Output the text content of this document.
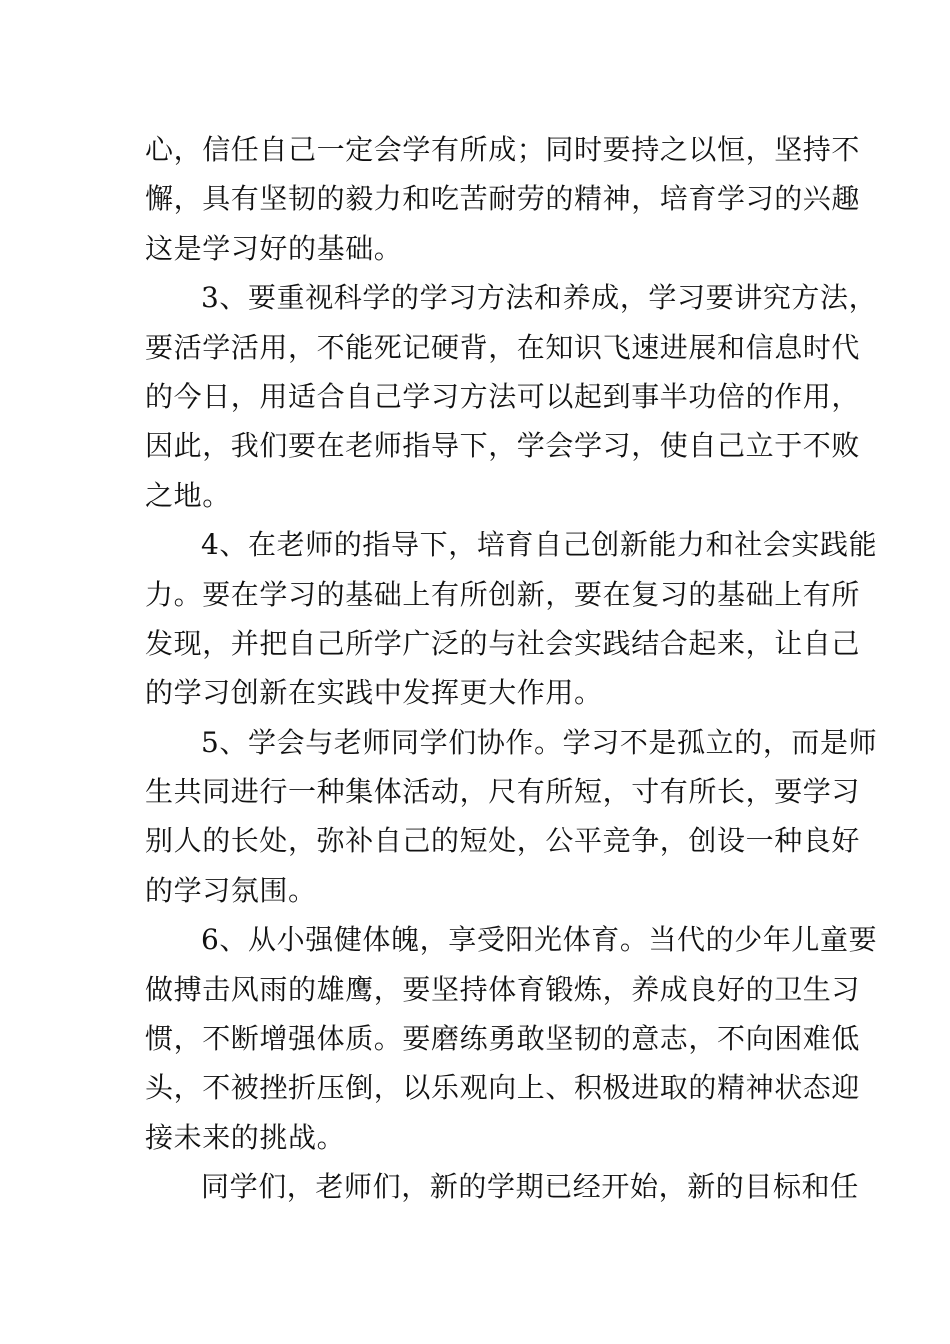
心，信任自己一定会学有所成；同时要持之以恒，坚持不
懈，具有坚韧的毅力和吃苦耐劳的精神，培育学习的兴趣
这是学习好的基础。

3、要重视科学的学习方法和养成，学习要讲究方法，
要活学活用，不能死记硬背，在知识飞速进展和信息时代
的今日，用适合自己学习方法可以起到事半功倍的作用，
因此，我们要在老师指导下，学会学习，使自己立于不败
之地。

4、在老师的指导下，培育自己创新能力和社会实践能
力。要在学习的基础上有所创新，要在复习的基础上有所
发现，并把自己所学广泛的与社会实践结合起来，让自己
的学习创新在实践中发挥更大作用。

5、学会与老师同学们协作。学习不是孤立的，而是师
生共同进行一种集体活动，尺有所短，寸有所长，要学习
别人的长处，弥补自己的短处，公平竞争，创设一种良好
的学习氛围。

6、从小强健体魄，享受阳光体育。当代的少年儿童要
做搏击风雨的雄鹰，要坚持体育锻炼，养成良好的卫生习
惯，不断增强体质。要磨练勇敢坚韧的意志，不向困难低
头，不被挫折压倒，以乐观向上、积极进取的精神状态迎
接未来的挑战。

同学们，老师们，新的学期已经开始，新的目标和任
